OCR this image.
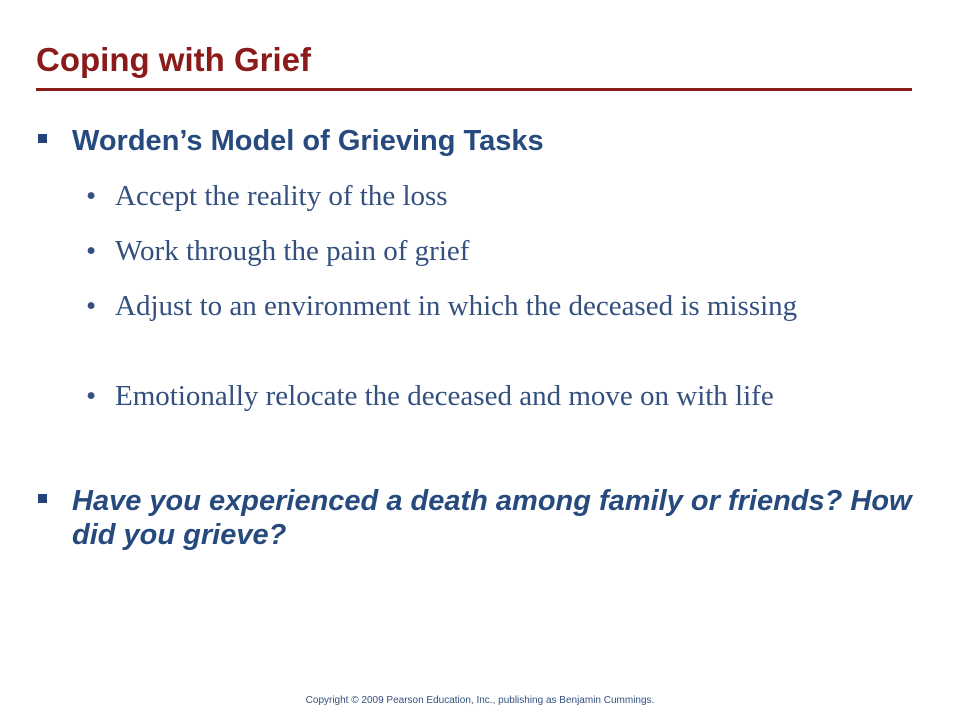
Coping with Grief
Worden’s Model of Grieving Tasks
• Accept the reality of the loss
• Work through the pain of grief
• Adjust to an environment in which the deceased is missing
• Emotionally relocate the deceased and move on with life
Have you experienced a death among family or friends? How did you grieve?
Copyright © 2009 Pearson Education, Inc., publishing as Benjamin Cummings.
